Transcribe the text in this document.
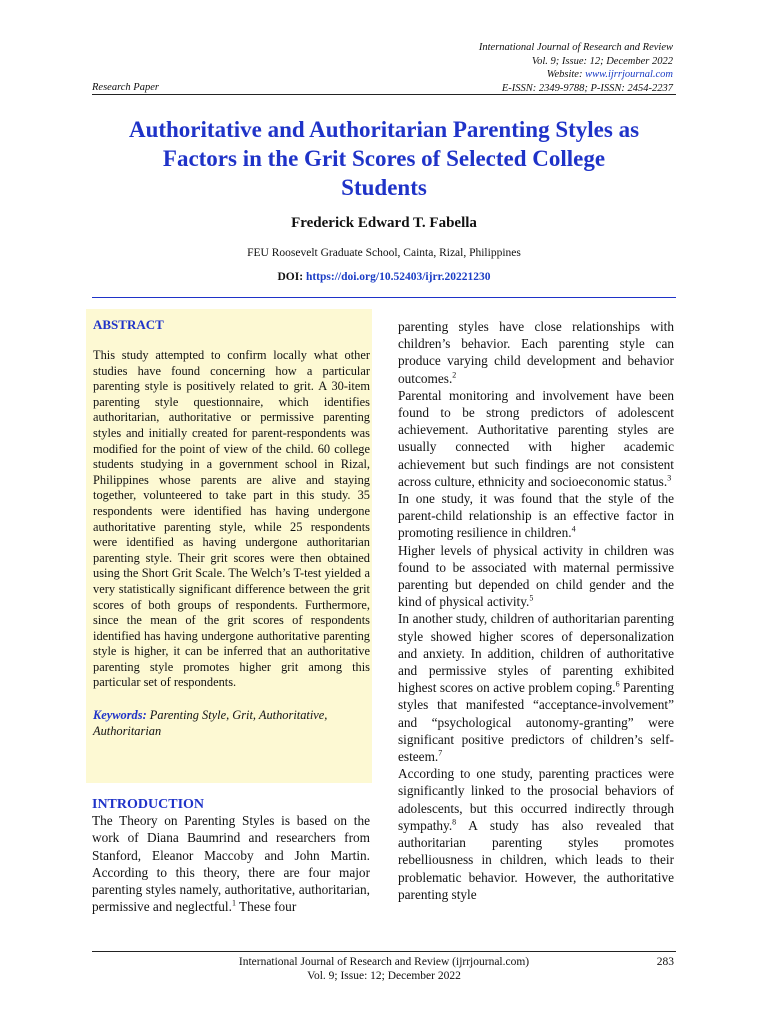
International Journal of Research and Review
Vol. 9; Issue: 12; December 2022
Website: www.ijrrjournal.com
E-ISSN: 2349-9788; P-ISSN: 2454-2237
Research Paper
Authoritative and Authoritarian Parenting Styles as
Factors in the Grit Scores of Selected College
Students
Frederick Edward T. Fabella
FEU Roosevelt Graduate School, Cainta, Rizal, Philippines
DOI: https://doi.org/10.52403/ijrr.20221230
ABSTRACT

This study attempted to confirm locally what other studies have found concerning how a particular parenting style is positively related to grit. A 30-item parenting style questionnaire, which identifies authoritarian, authoritative or permissive parenting styles and initially created for parent-respondents was modified for the point of view of the child. 60 college students studying in a government school in Rizal, Philippines whose parents are alive and staying together, volunteered to take part in this study. 35 respondents were identified has having undergone authoritative parenting style, while 25 respondents were identified as having undergone authoritarian parenting style. Their grit scores were then obtained using the Short Grit Scale. The Welch’s T-test yielded a very statistically significant difference between the grit scores of both groups of respondents. Furthermore, since the mean of the grit scores of respondents identified has having undergone authoritative parenting style is higher, it can be inferred that an authoritative parenting style promotes higher grit among this particular set of respondents.

Keywords: Parenting Style, Grit, Authoritative, Authoritarian
INTRODUCTION

The Theory on Parenting Styles is based on the work of Diana Baumrind and researchers from Stanford, Eleanor Maccoby and John Martin. According to this theory, there are four major parenting styles namely, authoritative, authoritarian, permissive and neglectful.$^1$ These four

parenting styles have close relationships with children’s behavior. Each parenting style can produce varying child development and behavior outcomes.$^2$

Parental monitoring and involvement have been found to be strong predictors of adolescent achievement. Authoritative parenting styles are usually connected with higher academic achievement but such findings are not consistent across culture, ethnicity and socioeconomic status.$^3$

In one study, it was found that the style of the parent-child relationship is an effective factor in promoting resilience in children.$^4$

Higher levels of physical activity in children was found to be associated with maternal permissive parenting but depended on child gender and the kind of physical activity.$^5$

In another study, children of authoritarian parenting style showed higher scores of depersonalization and anxiety. In addition, children of authoritative and permissive styles of parenting exhibited highest scores on active problem coping.$^6$ Parenting styles that manifested “acceptance-involvement” and “psychological autonomy-granting” were significant positive predictors of children’s self-esteem.$^7$

According to one study, parenting practices were significantly linked to the prosocial behaviors of adolescents, but this occurred indirectly through sympathy.$^8$ A study has also revealed that authoritarian parenting styles promotes rebelliousness in children, which leads to their problematic behavior. However, the authoritative parenting style

International Journal of Research and Review (ijrrjournal.com)
Vol. 9; Issue: 12; December 2022
283
